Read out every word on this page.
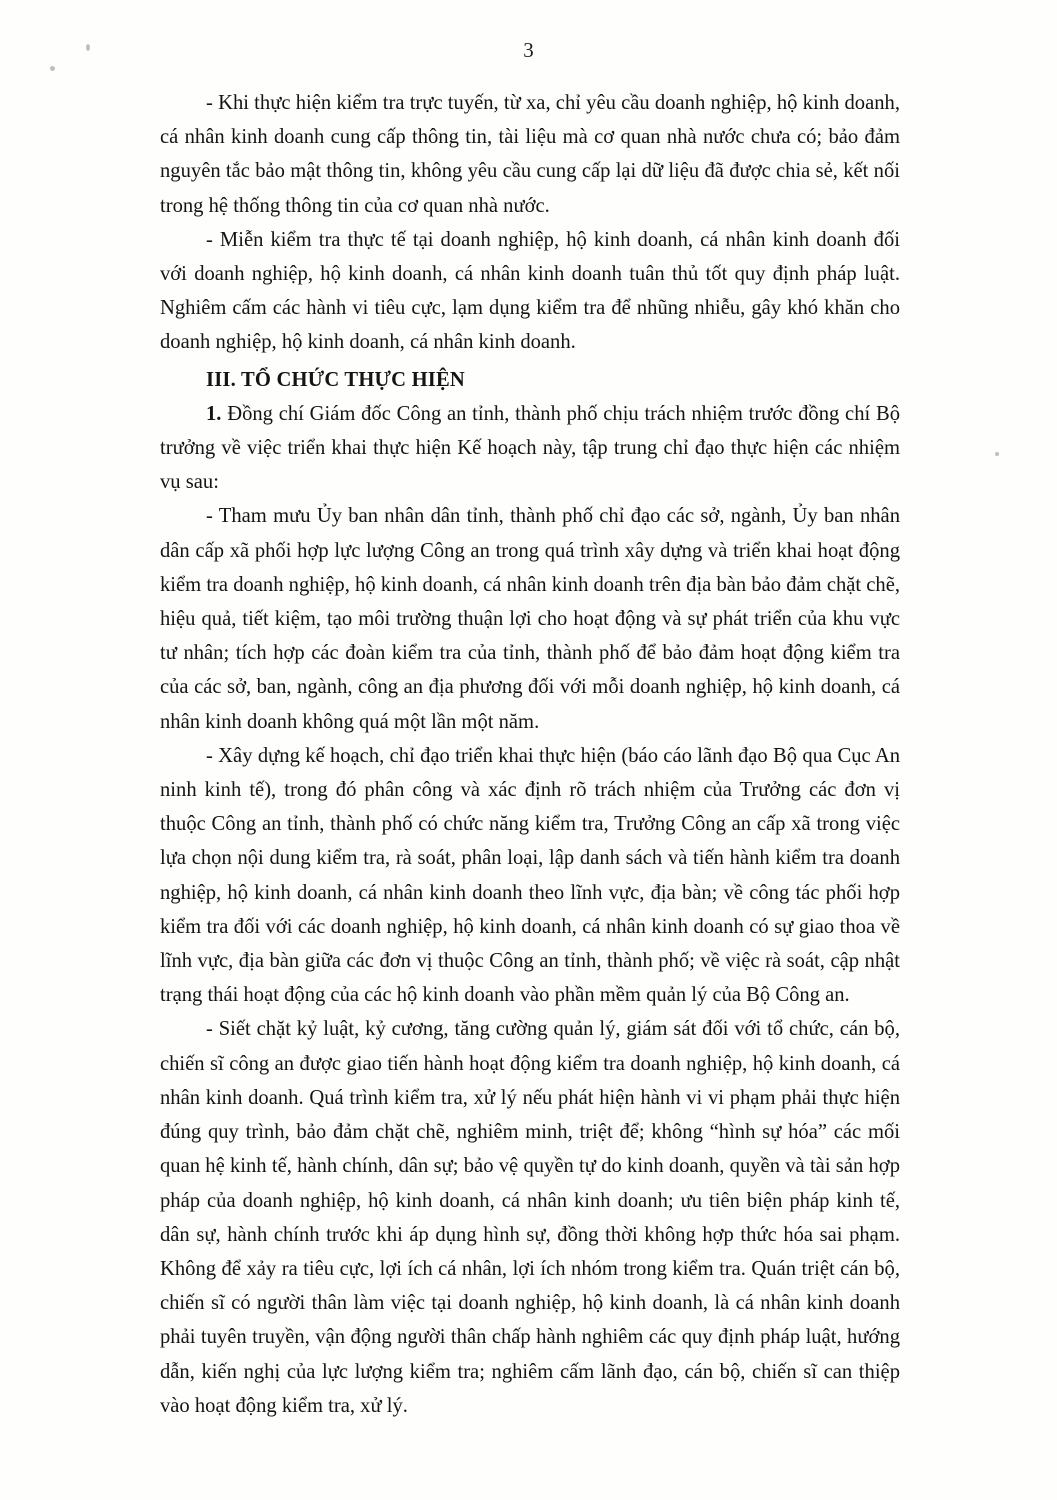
3

- Khi thực hiện kiểm tra trực tuyến, từ xa, chỉ yêu cầu doanh nghiệp, hộ kinh doanh, cá nhân kinh doanh cung cấp thông tin, tài liệu mà cơ quan nhà nước chưa có; bảo đảm nguyên tắc bảo mật thông tin, không yêu cầu cung cấp lại dữ liệu đã được chia sẻ, kết nối trong hệ thống thông tin của cơ quan nhà nước.

- Miễn kiểm tra thực tế tại doanh nghiệp, hộ kinh doanh, cá nhân kinh doanh đối với doanh nghiệp, hộ kinh doanh, cá nhân kinh doanh tuân thủ tốt quy định pháp luật. Nghiêm cấm các hành vi tiêu cực, lạm dụng kiểm tra để nhũng nhiễu, gây khó khăn cho doanh nghiệp, hộ kinh doanh, cá nhân kinh doanh.

III. TỔ CHỨC THỰC HIỆN

1. Đồng chí Giám đốc Công an tỉnh, thành phố chịu trách nhiệm trước đồng chí Bộ trưởng về việc triển khai thực hiện Kế hoạch này, tập trung chỉ đạo thực hiện các nhiệm vụ sau:

- Tham mưu Ủy ban nhân dân tỉnh, thành phố chỉ đạo các sở, ngành, Ủy ban nhân dân cấp xã phối hợp lực lượng Công an trong quá trình xây dựng và triển khai hoạt động kiểm tra doanh nghiệp, hộ kinh doanh, cá nhân kinh doanh trên địa bàn bảo đảm chặt chẽ, hiệu quả, tiết kiệm, tạo môi trường thuận lợi cho hoạt động và sự phát triển của khu vực tư nhân; tích hợp các đoàn kiểm tra của tỉnh, thành phố để bảo đảm hoạt động kiểm tra của các sở, ban, ngành, công an địa phương đối với mỗi doanh nghiệp, hộ kinh doanh, cá nhân kinh doanh không quá một lần một năm.

- Xây dựng kế hoạch, chỉ đạo triển khai thực hiện (báo cáo lãnh đạo Bộ qua Cục An ninh kinh tế), trong đó phân công và xác định rõ trách nhiệm của Trưởng các đơn vị thuộc Công an tỉnh, thành phố có chức năng kiểm tra, Trưởng Công an cấp xã trong việc lựa chọn nội dung kiểm tra, rà soát, phân loại, lập danh sách và tiến hành kiểm tra doanh nghiệp, hộ kinh doanh, cá nhân kinh doanh theo lĩnh vực, địa bàn; về công tác phối hợp kiểm tra đối với các doanh nghiệp, hộ kinh doanh, cá nhân kinh doanh có sự giao thoa về lĩnh vực, địa bàn giữa các đơn vị thuộc Công an tỉnh, thành phố; về việc rà soát, cập nhật trạng thái hoạt động của các hộ kinh doanh vào phần mềm quản lý của Bộ Công an.

- Siết chặt kỷ luật, kỷ cương, tăng cường quản lý, giám sát đối với tổ chức, cán bộ, chiến sĩ công an được giao tiến hành hoạt động kiểm tra doanh nghiệp, hộ kinh doanh, cá nhân kinh doanh. Quá trình kiểm tra, xử lý nếu phát hiện hành vi vi phạm phải thực hiện đúng quy trình, bảo đảm chặt chẽ, nghiêm minh, triệt để; không “hình sự hóa” các mối quan hệ kinh tế, hành chính, dân sự; bảo vệ quyền tự do kinh doanh, quyền và tài sản hợp pháp của doanh nghiệp, hộ kinh doanh, cá nhân kinh doanh; ưu tiên biện pháp kinh tế, dân sự, hành chính trước khi áp dụng hình sự, đồng thời không hợp thức hóa sai phạm. Không để xảy ra tiêu cực, lợi ích cá nhân, lợi ích nhóm trong kiểm tra. Quán triệt cán bộ, chiến sĩ có người thân làm việc tại doanh nghiệp, hộ kinh doanh, là cá nhân kinh doanh phải tuyên truyền, vận động người thân chấp hành nghiêm các quy định pháp luật, hướng dẫn, kiến nghị của lực lượng kiểm tra; nghiêm cấm lãnh đạo, cán bộ, chiến sĩ can thiệp vào hoạt động kiểm tra, xử lý.
